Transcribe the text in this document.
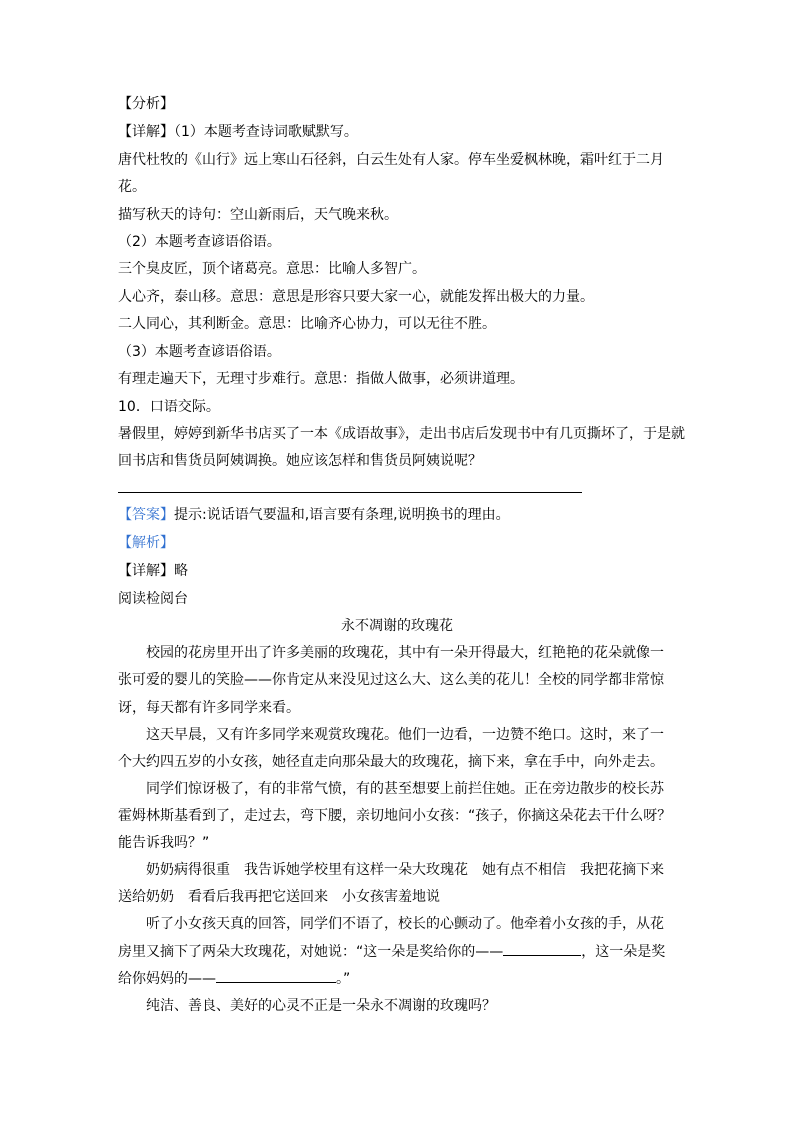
【分析】
【详解】（1）本题考查诗词歌赋默写。
唐代杜牧的《山行》远上寒山石径斜，白云生处有人家。停车坐爱枫林晚，霜叶红于二月
花。
描写秋天的诗句：空山新雨后，天气晚来秋。
（2）本题考查谚语俗语。
三个臭皮匠，顶个诸葛亮。意思：比喻人多智广。
人心齐，泰山移。意思：意思是形容只要大家一心，就能发挥出极大的力量。
二人同心，其利断金。意思：比喻齐心协力，可以无往不胜。
（3）本题考查谚语俗语。
有理走遍天下，无理寸步难行。意思：指做人做事，必须讲道理。
10．口语交际。
暑假里，婷婷到新华书店买了一本《成语故事》，走出书店后发现书中有几页撕坏了，于是就
回书店和售货员阿姨调换。她应该怎样和售货员阿姨说呢？
【答案】提示:说话语气要温和,语言要有条理,说明换书的理由。
【解析】
【详解】略
阅读检阅台
永不凋谢的玫瑰花
校园的花房里开出了许多美丽的玫瑰花，其中有一朵开得最大，红艳艳的花朵就像一
张可爱的婴儿的笑脸——你肯定从来没见过这么大、这么美的花儿！全校的同学都非常惊
讶，每天都有许多同学来看。
这天早晨，又有许多同学来观赏玫瑰花。他们一边看，一边赞不绝口。这时，来了一
个大约四五岁的小女孩，她径直走向那朵最大的玫瑰花，摘下来，拿在手中，向外走去。
同学们惊讶极了，有的非常气愤，有的甚至想要上前拦住她。正在旁边散步的校长苏
霍姆林斯基看到了，走过去，弯下腰，亲切地问小女孩：“孩子，你摘这朵花去干什么呀？
能告诉我吗？”
奶奶病得很重 我告诉她学校里有这样一朵大玫瑰花 她有点不相信 我把花摘下来
送给奶奶 看看后我再把它送回来 小女孩害羞地说
听了小女孩天真的回答，同学们不语了，校长的心颤动了。他牵着小女孩的手，从花
房里又摘下了两朵大玫瑰花，对她说：“这一朵是奖给你的——	，这一朵是奖
给你妈妈的——	。”
纯洁、善良、美好的心灵不正是一朵永不凋谢的玫瑰吗？
